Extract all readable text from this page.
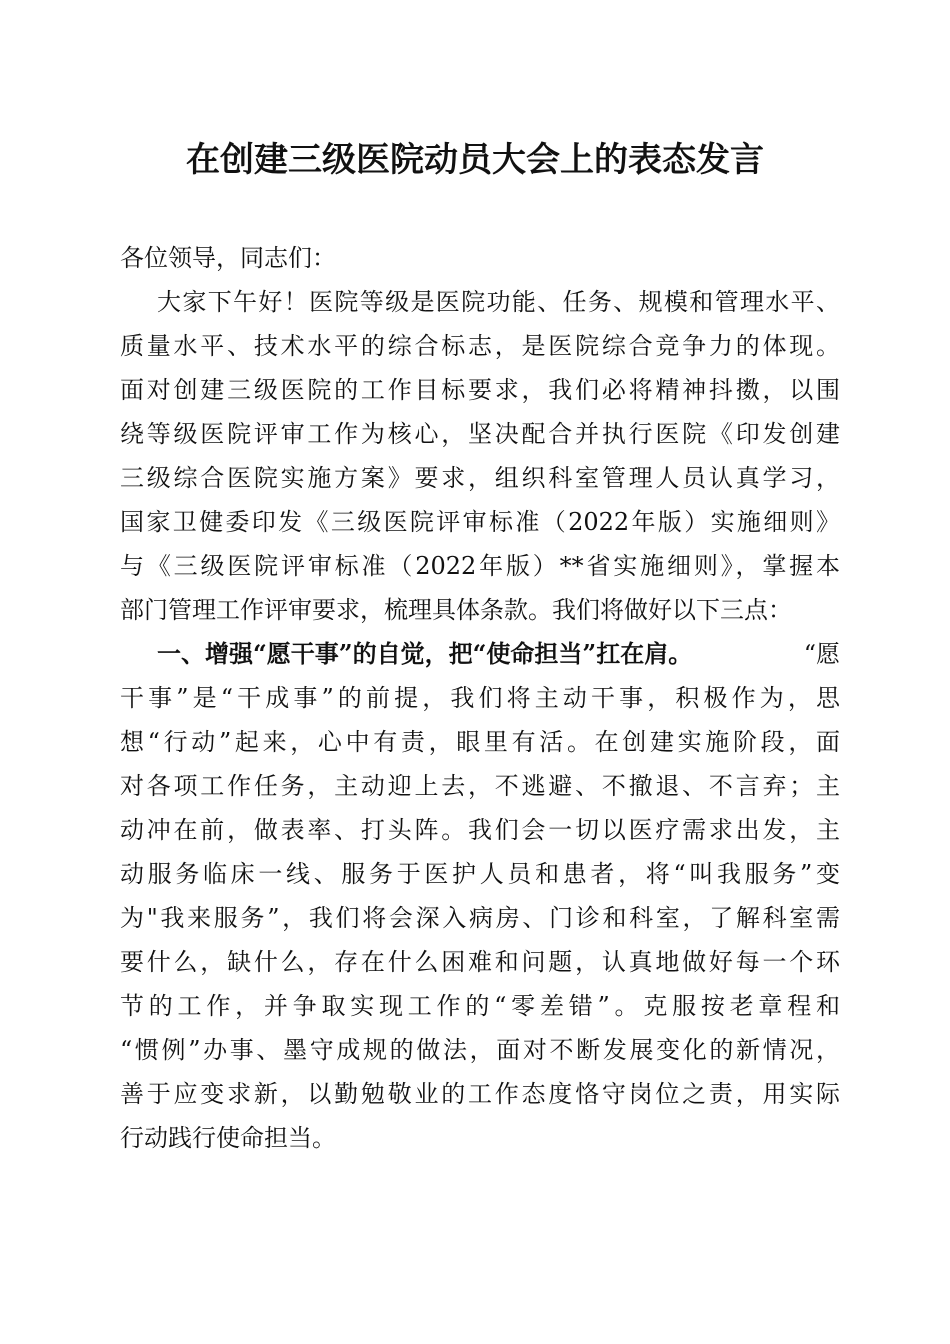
在创建三级医院动员大会上的表态发言
各位领导，同志们：
大家下午好！医院等级是医院功能、任务、规模和管理水平、
质量水平、技术水平的综合标志，是医院综合竞争力的体现。
面对创建三级医院的工作目标要求，我们必将精神抖擞，以围
绕等级医院评审工作为核心，坚决配合并执行医院《印发创建
三级综合医院实施方案》要求，组织科室管理人员认真学习，
国家卫健委印发《三级医院评审标准（2022年版）实施细则》
与《三级医院评审标准（2022年版）**省实施细则》，掌握本
部门管理工作评审要求，梳理具体条款。我们将做好以下三点：
一、增强“愿干事”的自觉，把“使命担当”扛在肩。	“愿
干事”是“干成事”的前提，我们将主动干事，积极作为，思
想“行动”起来，心中有责，眼里有活。在创建实施阶段，面
对各项工作任务，主动迎上去，不逃避、不撤退、不言弃；主
动冲在前，做表率、打头阵。我们会一切以医疗需求出发，主
动服务临床一线、服务于医护人员和患者，将“叫我服务”变
为"我来服务”，我们将会深入病房、门诊和科室，了解科室需
要什么，缺什么，存在什么困难和问题，认真地做好每一个环
节的工作，并争取实现工作的“零差错”。克服按老章程和
“惯例”办事、墨守成规的做法，面对不断发展变化的新情况，
善于应变求新，以勤勉敬业的工作态度恪守岗位之责，用实际
行动践行使命担当。
